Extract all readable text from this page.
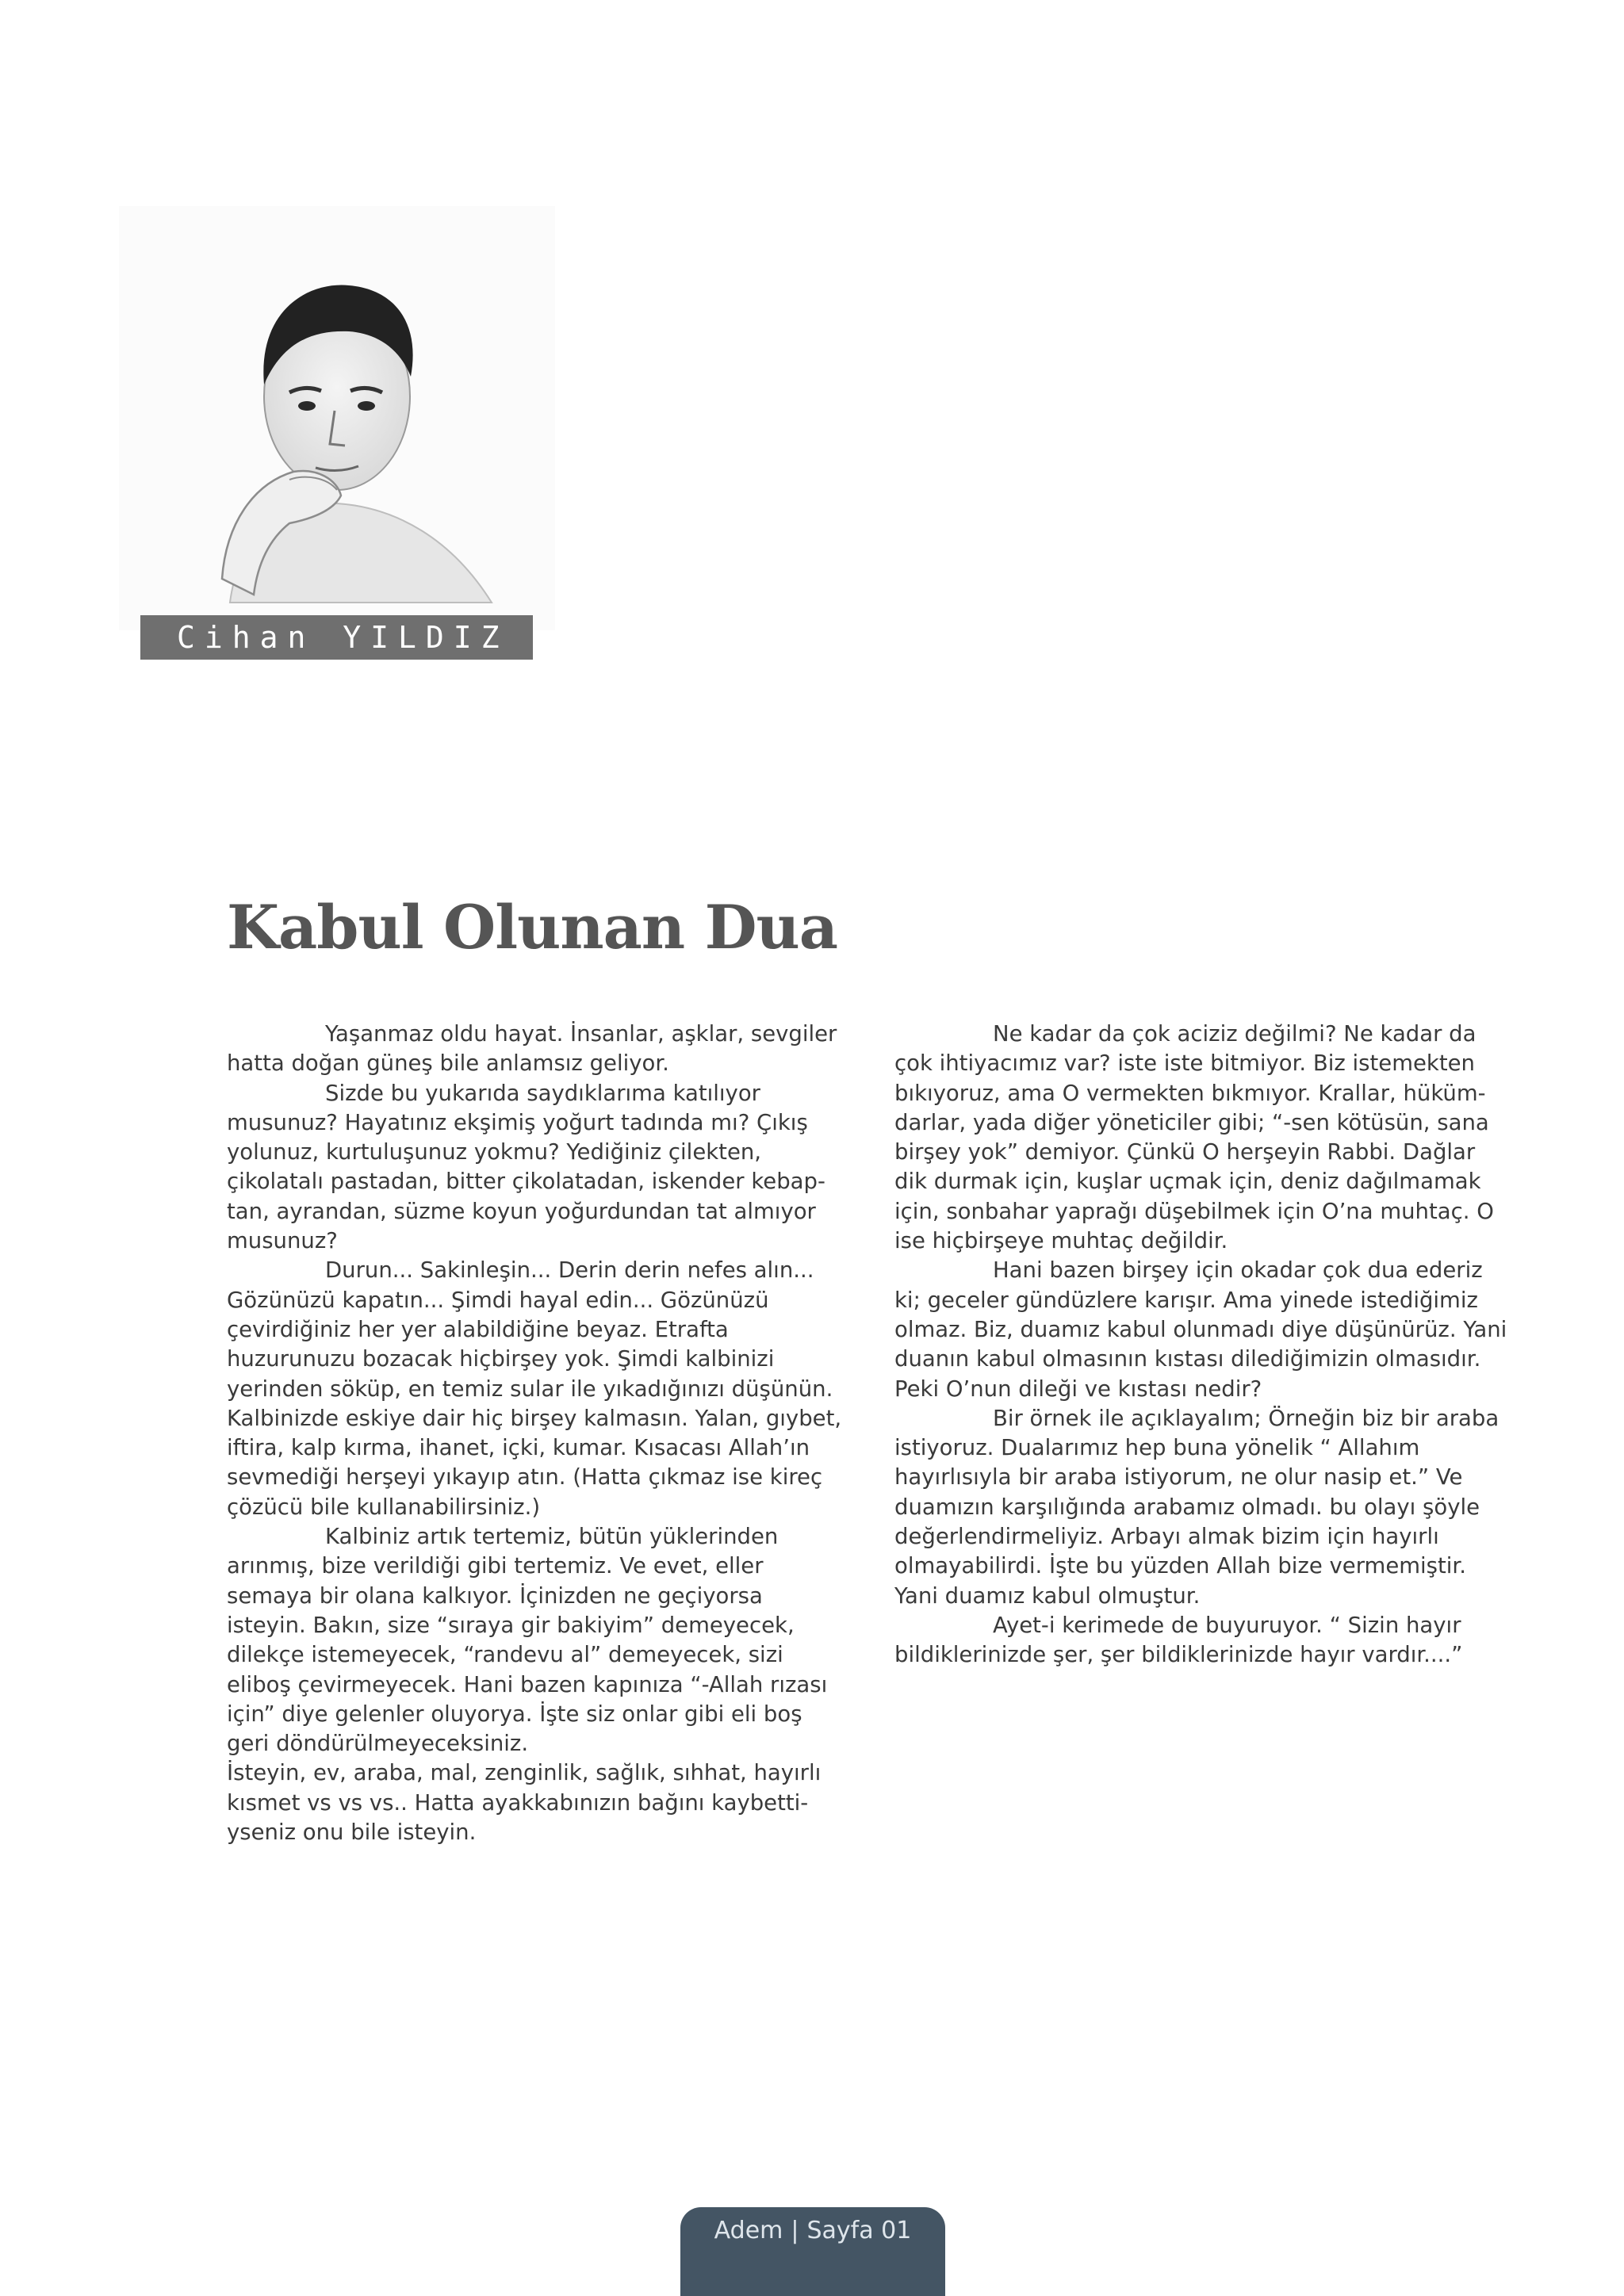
Cihan YILDIZ
Kabul Olunan Dua

Yaşanmaz oldu hayat. İnsanlar, aşklar, sevgiler hatta doğan güneş bile anlamsız geliyor.

Sizde bu yukarıda saydıklarıma katılıyor musunuz? Hayatınız ekşimiş yoğurt tadında mı? Çıkış yolunuz, kurtuluşunuz yokmu? Yediğiniz çilekten, çikolatalı pastadan, bitter çikolatadan, iskender kebap-tan, ayrandan, süzme koyun yoğurdundan tat almıyor musunuz?

Durun... Sakinleşin... Derin derin nefes alın... Gözünüzü kapatın... Şimdi hayal edin... Gözünüzü çevirdiğiniz her yer alabildiğine beyaz. Etrafta huzurunuzu bozacak hiçbirşey yok. Şimdi kalbinizi yerinden söküp, en temiz sular ile yıkadığınızı düşünün. Kalbinizde eskiye dair hiç birşey kalmasın. Yalan, gıybet, iftira, kalp kırma, ihanet, içki, kumar. Kısacası Allah’ın sevmediği herşeyi yıkayıp atın. (Hatta çıkmaz ise kireç çözücü bile kullanabilirsiniz.)

Kalbiniz artık tertemiz, bütün yüklerinden arınmış, bize verildiği gibi tertemiz. Ve evet, eller semaya bir olana kalkıyor. İçinizden ne geçiyorsa isteyin. Bakın, size “sıraya gir bakiyim” demeyecek, dilekçe istemeyecek, “randevu al” demeyecek, sizi eliboş çevirmeyecek. Hani bazen kapınıza “-Allah rızası için” diye gelenler oluyorya. İşte siz onlar gibi eli boş geri döndürülmeyeceksiniz.

İsteyin, ev, araba, mal, zenginlik, sağlık, sıhhat, hayırlı kısmet vs vs vs.. Hatta ayakkabınızın bağını kaybetti-yseniz onu bile isteyin.

Ne kadar da çok aciziz değilmi? Ne kadar da çok ihtiyacımız var? iste iste bitmiyor. Biz istemekten bıkıyoruz, ama O vermekten bıkmıyor. Krallar, hüküm-darlar, yada diğer yöneticiler gibi; “-sen kötüsün, sana birşey yok” demiyor. Çünkü O herşeyin Rabbi. Dağlar dik durmak için, kuşlar uçmak için, deniz dağılmamak için, sonbahar yaprağı düşebilmek için O’na muhtaç. O ise hiçbirşeye muhtaç değildir.

Hani bazen birşey için okadar çok dua ederiz ki; geceler gündüzlere karışır. Ama yinede istediğimiz olmaz. Biz, duamız kabul olunmadı diye düşünürüz. Yani duanın kabul olmasının kıstası dilediğimizin olmasıdır. Peki O’nun dileği ve kıstası nedir?

Bir örnek ile açıklayalım; Örneğin biz bir araba istiyoruz. Dualarımız hep buna yönelik “ Allahım hayırlısıyla bir araba istiyorum, ne olur nasip et.” Ve duamızın karşılığında arabamız olmadı. bu olayı şöyle değerlendirmeliyiz. Arbayı almak bizim için hayırlı olmayabilirdi. İşte bu yüzden Allah bize vermemiştir. Yani duamız kabul olmuştur.

Ayet-i kerimede de buyuruyor. “ Sizin hayır bildiklerinizde şer, şer bildiklerinizde hayır vardır....”

Adem | Sayfa 01
